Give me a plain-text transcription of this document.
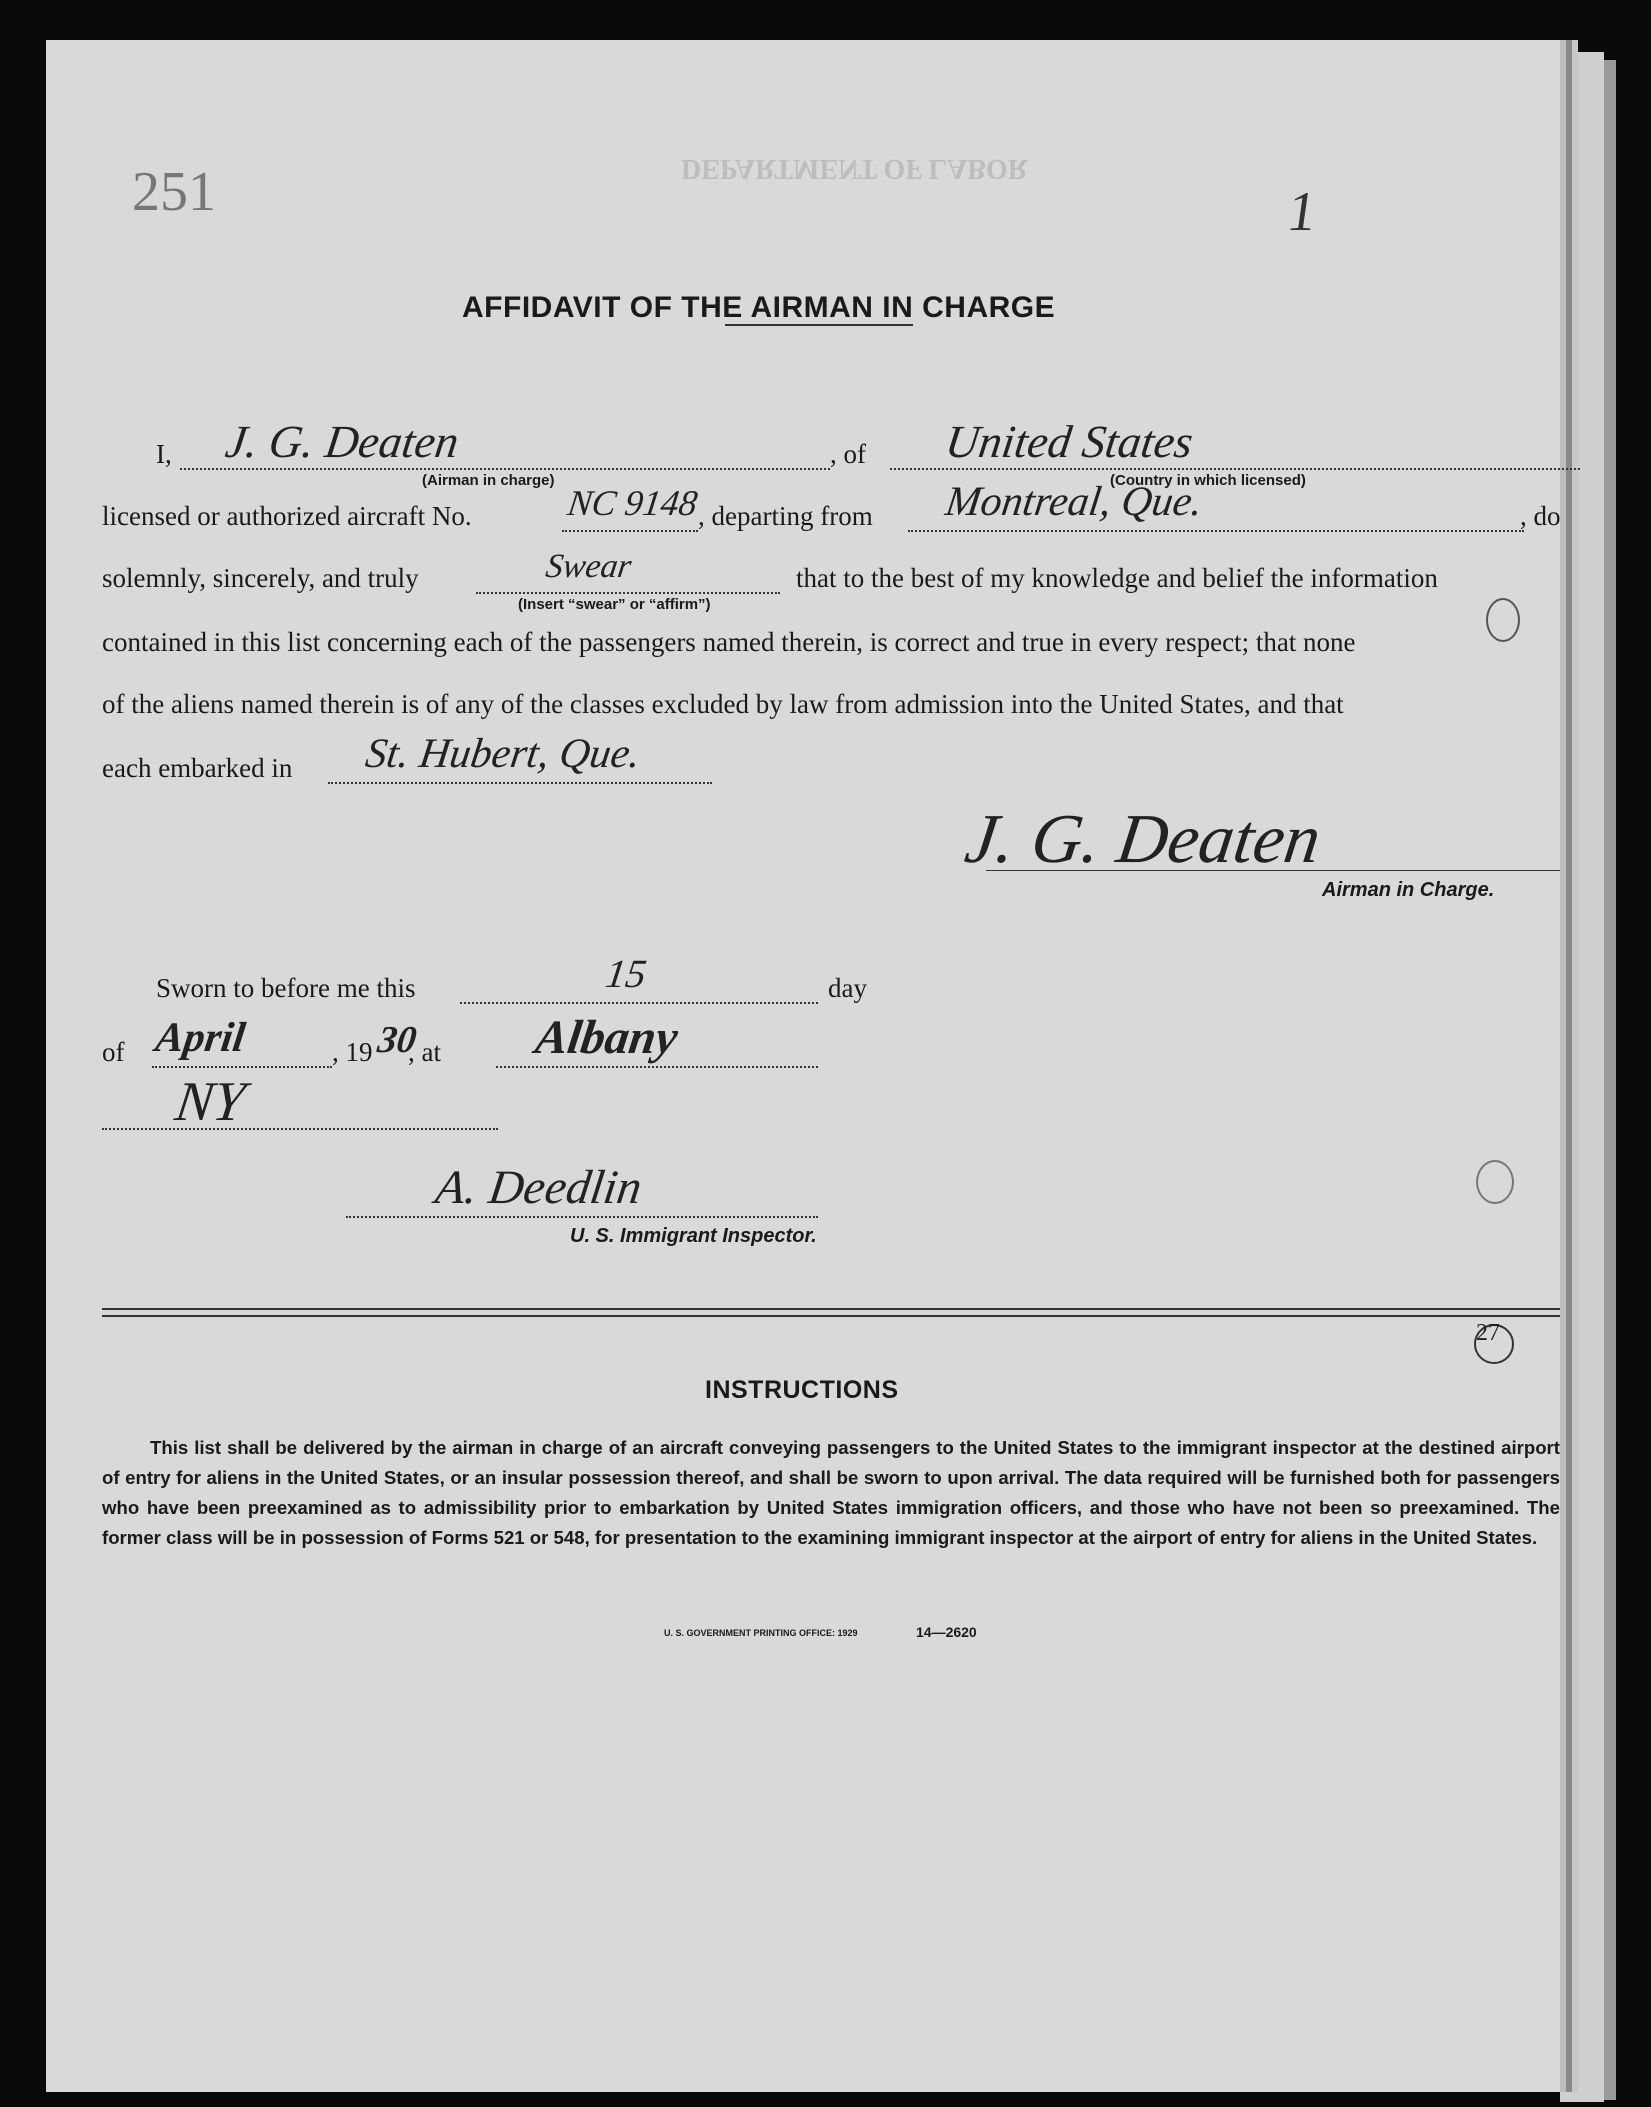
DEPARTMENT OF LABOR
251	1
AFFIDAVIT OF THE AIRMAN IN CHARGE
I, J. G. Deaten
(Airman in charge)
, of United States
(Country in which licensed)
licensed or authorized aircraft No.	NC 9148
, departing from Montreal, Que.	, do
solemnly, sincerely, and truly	Swear
(Insert “swear” or “affirm”)
that to the best of my knowledge and belief the information
contained in this list concerning each of the passengers named therein, is correct and true in every respect; that none
of the aliens named therein is of any of the classes excluded by law from admission into the United States, and that
each embarked in St. Hubert, Que.
J. G. Deaten
Airman in Charge.
Sworn to before me this	15	day
of April	, 19 30
, at Albany
NY
A. Deedlin
U. S. Immigrant Inspector.
27
INSTRUCTIONS
This list shall be delivered by the airman in charge of an aircraft conveying passengers to the United States to the immigrant inspector at the destined airport of entry for aliens in the United States, or an insular possession thereof, and shall be sworn to upon arrival. The data required will be furnished both for passengers who have been preexamined as to admissibility prior to embarkation by United States immigration officers, and those who have not been so preexamined. The former class will be in possession of Forms 521 or 548, for presentation to the examining immigrant inspector at the airport of entry for aliens in the United States.
U. S. GOVERNMENT PRINTING OFFICE: 1929	14—2620
